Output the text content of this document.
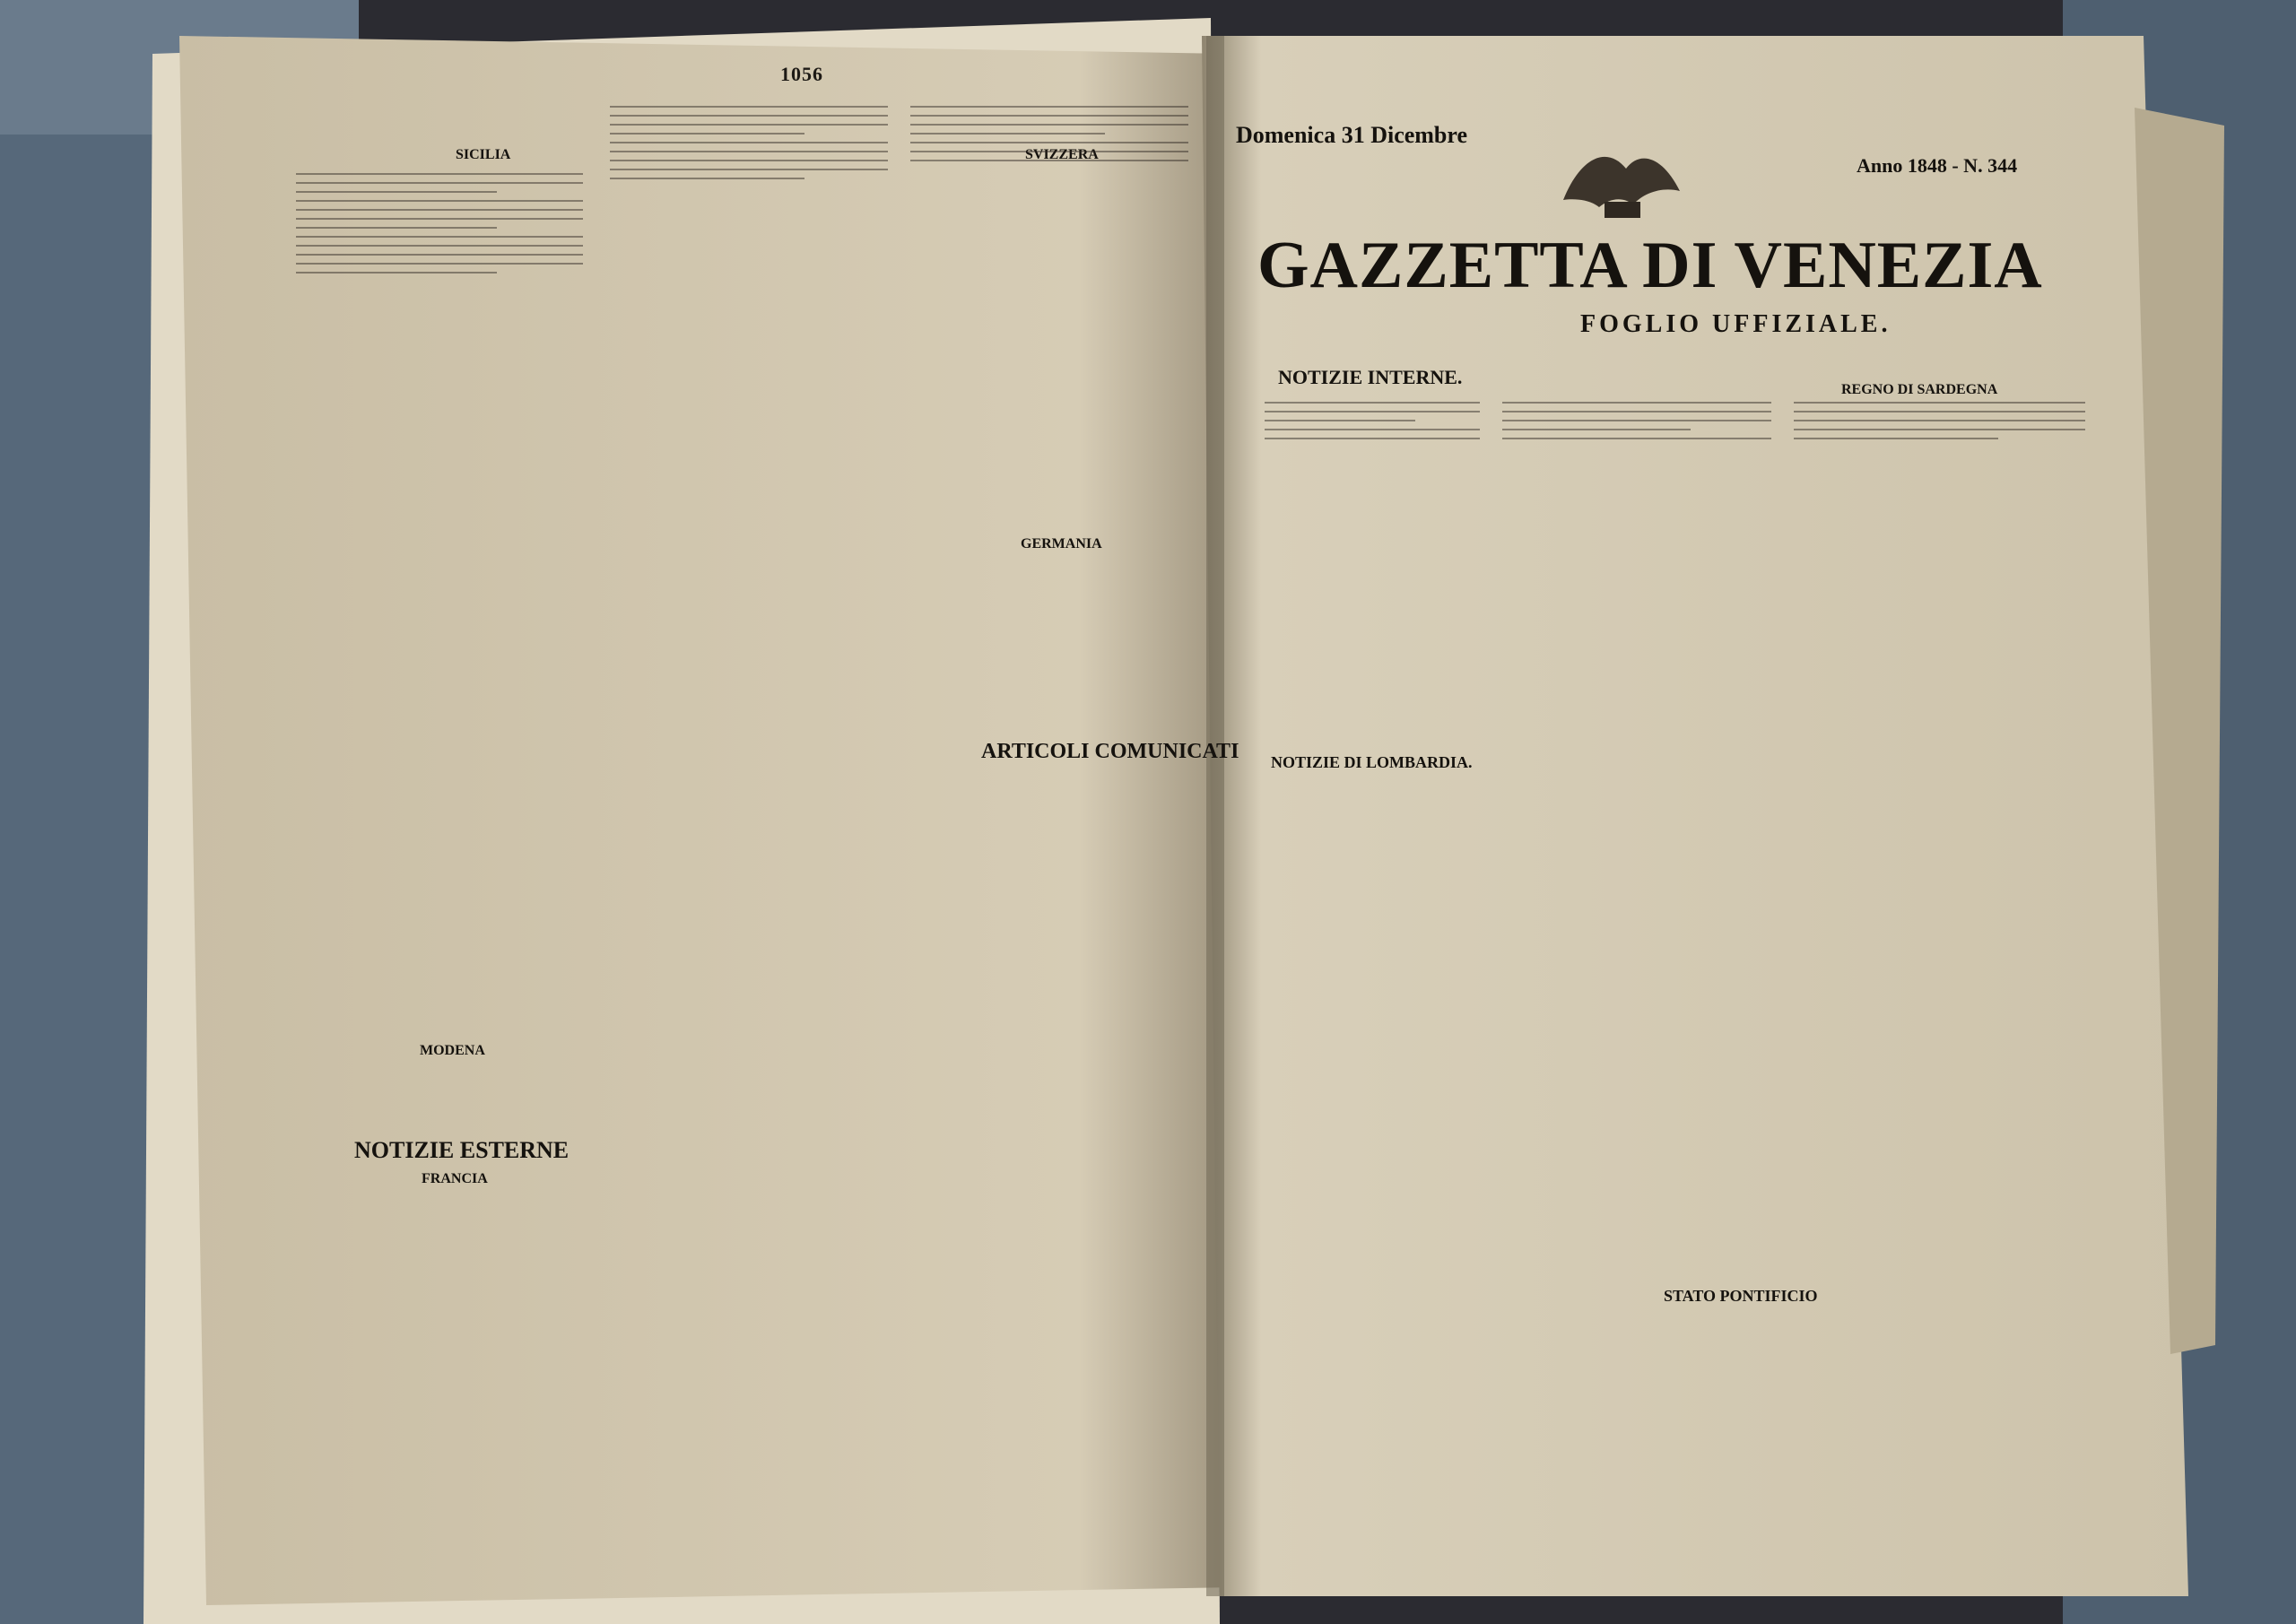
1056
Domenica 31 Dicembre
Anno 1848 - N. 344
GAZZETTA DI VENEZIA
FOGLIO UFFIZIALE.
NOTIZIE INTERNE.
NOTIZIE DI LOMBARDIA.
STATO PONTIFICIO
REGNO DI SARDEGNA
SICILIA
NOTIZIE ESTERNE
FRANCIA
SVIZZERA
GERMANIA
ARTICOLI COMUNICATI
MODENA
